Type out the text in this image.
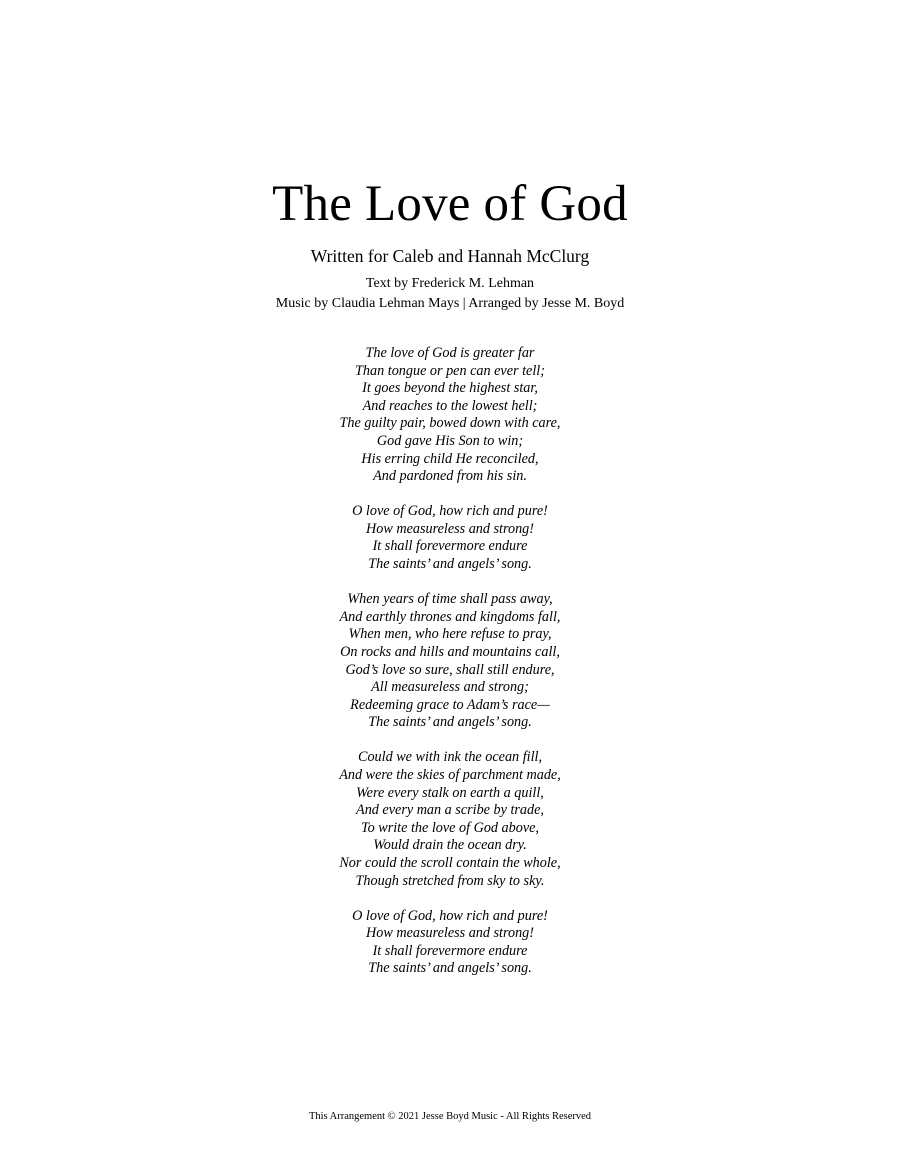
The Love of God
Written for Caleb and Hannah McClurg
Text by Frederick M. Lehman
Music by Claudia Lehman Mays | Arranged by Jesse M. Boyd
The love of God is greater far
Than tongue or pen can ever tell;
It goes beyond the highest star,
And reaches to the lowest hell;
The guilty pair, bowed down with care,
God gave His Son to win;
His erring child He reconciled,
And pardoned from his sin.
O love of God, how rich and pure!
How measureless and strong!
It shall forevermore endure
The saints’ and angels’ song.
When years of time shall pass away,
And earthly thrones and kingdoms fall,
When men, who here refuse to pray,
On rocks and hills and mountains call,
God’s love so sure, shall still endure,
All measureless and strong;
Redeeming grace to Adam’s race—
The saints’ and angels’ song.
Could we with ink the ocean fill,
And were the skies of parchment made,
Were every stalk on earth a quill,
And every man a scribe by trade,
To write the love of God above,
Would drain the ocean dry.
Nor could the scroll contain the whole,
Though stretched from sky to sky.
O love of God, how rich and pure!
How measureless and strong!
It shall forevermore endure
The saints’ and angels’ song.
This Arrangement © 2021 Jesse Boyd Music - All Rights Reserved
